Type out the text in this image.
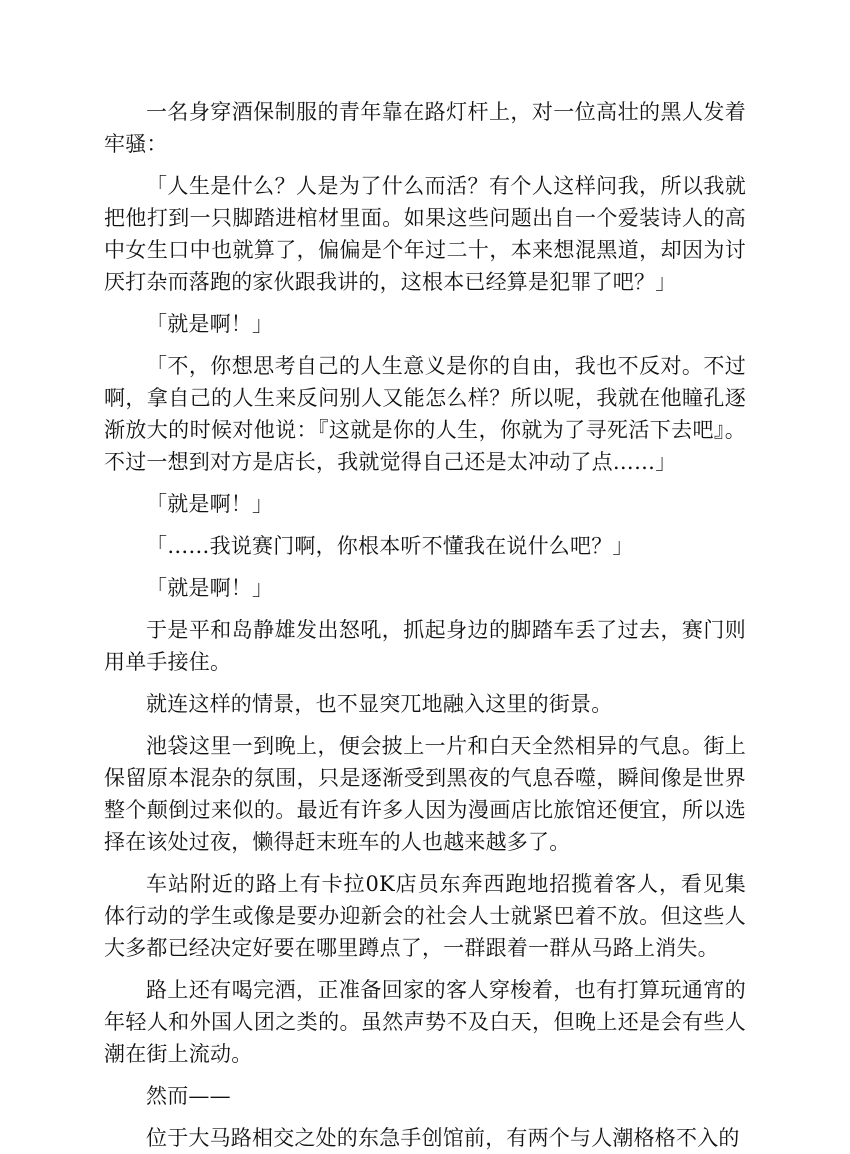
一名身穿酒保制服的青年靠在路灯杆上，对一位高壮的黑人发着牢骚：

「人生是什么？人是为了什么而活？有个人这样问我，所以我就把他打到一只脚踏进棺材里面。如果这些问题出自一个爱装诗人的高中女生口中也就算了，偏偏是个年过二十，本来想混黑道，却因为讨厌打杂而落跑的家伙跟我讲的，这根本已经算是犯罪了吧？」

「就是啊！」

「不，你想思考自己的人生意义是你的自由，我也不反对。不过啊，拿自己的人生来反问别人又能怎么样？所以呢，我就在他瞳孔逐渐放大的时候对他说：『这就是你的人生，你就为了寻死活下去吧』。不过一想到对方是店长，我就觉得自己还是太冲动了点……」

「就是啊！」

「……我说赛门啊，你根本听不懂我在说什么吧？」

「就是啊！」

于是平和岛静雄发出怒吼，抓起身边的脚踏车丢了过去，赛门则用单手接住。

就连这样的情景，也不显突兀地融入这里的街景。

池袋这里一到晚上，便会披上一片和白天全然相异的气息。街上保留原本混杂的氛围，只是逐渐受到黑夜的气息吞噬，瞬间像是世界整个颠倒过来似的。最近有许多人因为漫画店比旅馆还便宜，所以选择在该处过夜，懒得赶末班车的人也越来越多了。

车站附近的路上有卡拉0K店员东奔西跑地招揽着客人，看见集体行动的学生或像是要办迎新会的社会人士就紧巴着不放。但这些人大多都已经决定好要在哪里蹲点了，一群跟着一群从马路上消失。

路上还有喝完酒，正准备回家的客人穿梭着，也有打算玩通宵的年轻人和外国人团之类的。虽然声势不及白天，但晚上还是会有些人潮在街上流动。

然而——

位于大马路相交之处的东急手创馆前，有两个与人潮格格不入的
